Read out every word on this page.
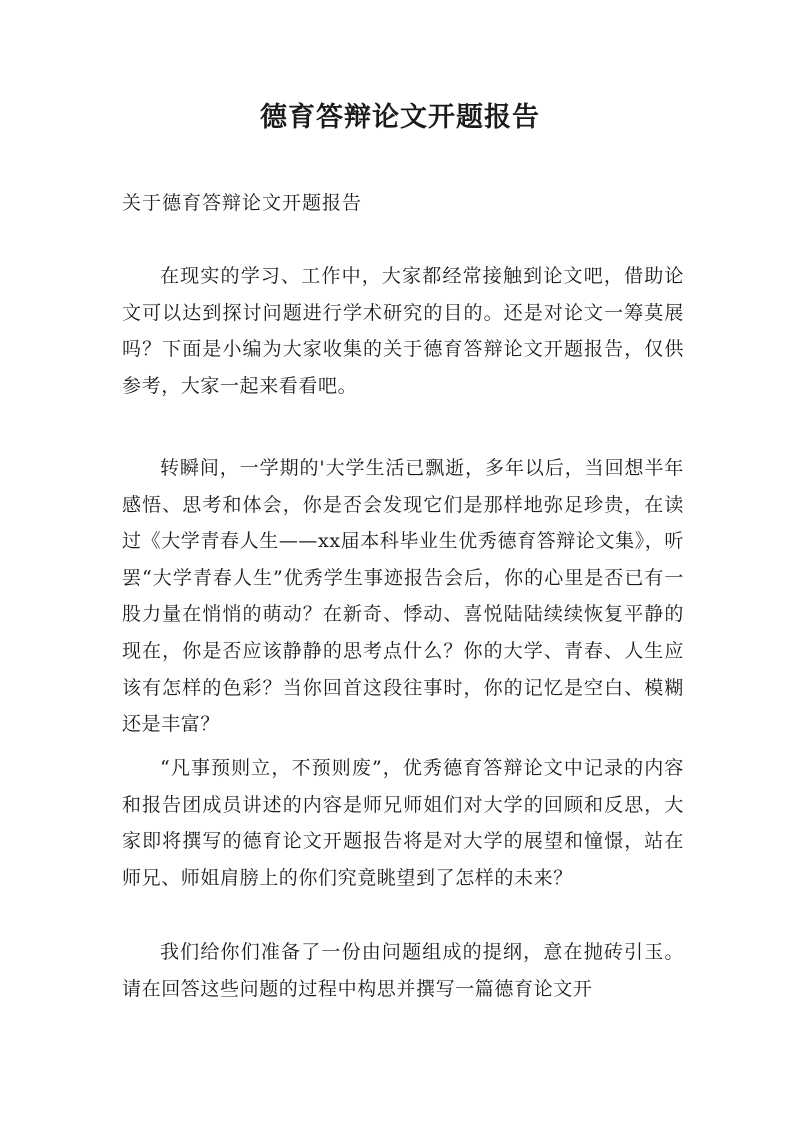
德育答辩论文开题报告

关于德育答辩论文开题报告

在现实的学习、工作中，大家都经常接触到论文吧，借助论文可以达到探讨问题进行学术研究的目的。还是对论文一筹莫展吗？下面是小编为大家收集的关于德育答辩论文开题报告，仅供参考，大家一起来看看吧。

转瞬间，一学期的'大学生活已飘逝，多年以后，当回想半年感悟、思考和体会，你是否会发现它们是那样地弥足珍贵，在读过《大学青春人生——xx届本科毕业生优秀德育答辩论文集》，听罢“大学青春人生”优秀学生事迹报告会后，你的心里是否已有一股力量在悄悄的萌动？在新奇、悸动、喜悦陆陆续续恢复平静的现在，你是否应该静静的思考点什么？你的大学、青春、人生应该有怎样的色彩？当你回首这段往事时，你的记忆是空白、模糊还是丰富？

“凡事预则立，不预则废”，优秀德育答辩论文中记录的内容和报告团成员讲述的内容是师兄师姐们对大学的回顾和反思，大家即将撰写的德育论文开题报告将是对大学的展望和憧憬，站在师兄、师姐肩膀上的你们究竟眺望到了怎样的未来？

我们给你们准备了一份由问题组成的提纲，意在抛砖引玉。请在回答这些问题的过程中构思并撰写一篇德育论文开
